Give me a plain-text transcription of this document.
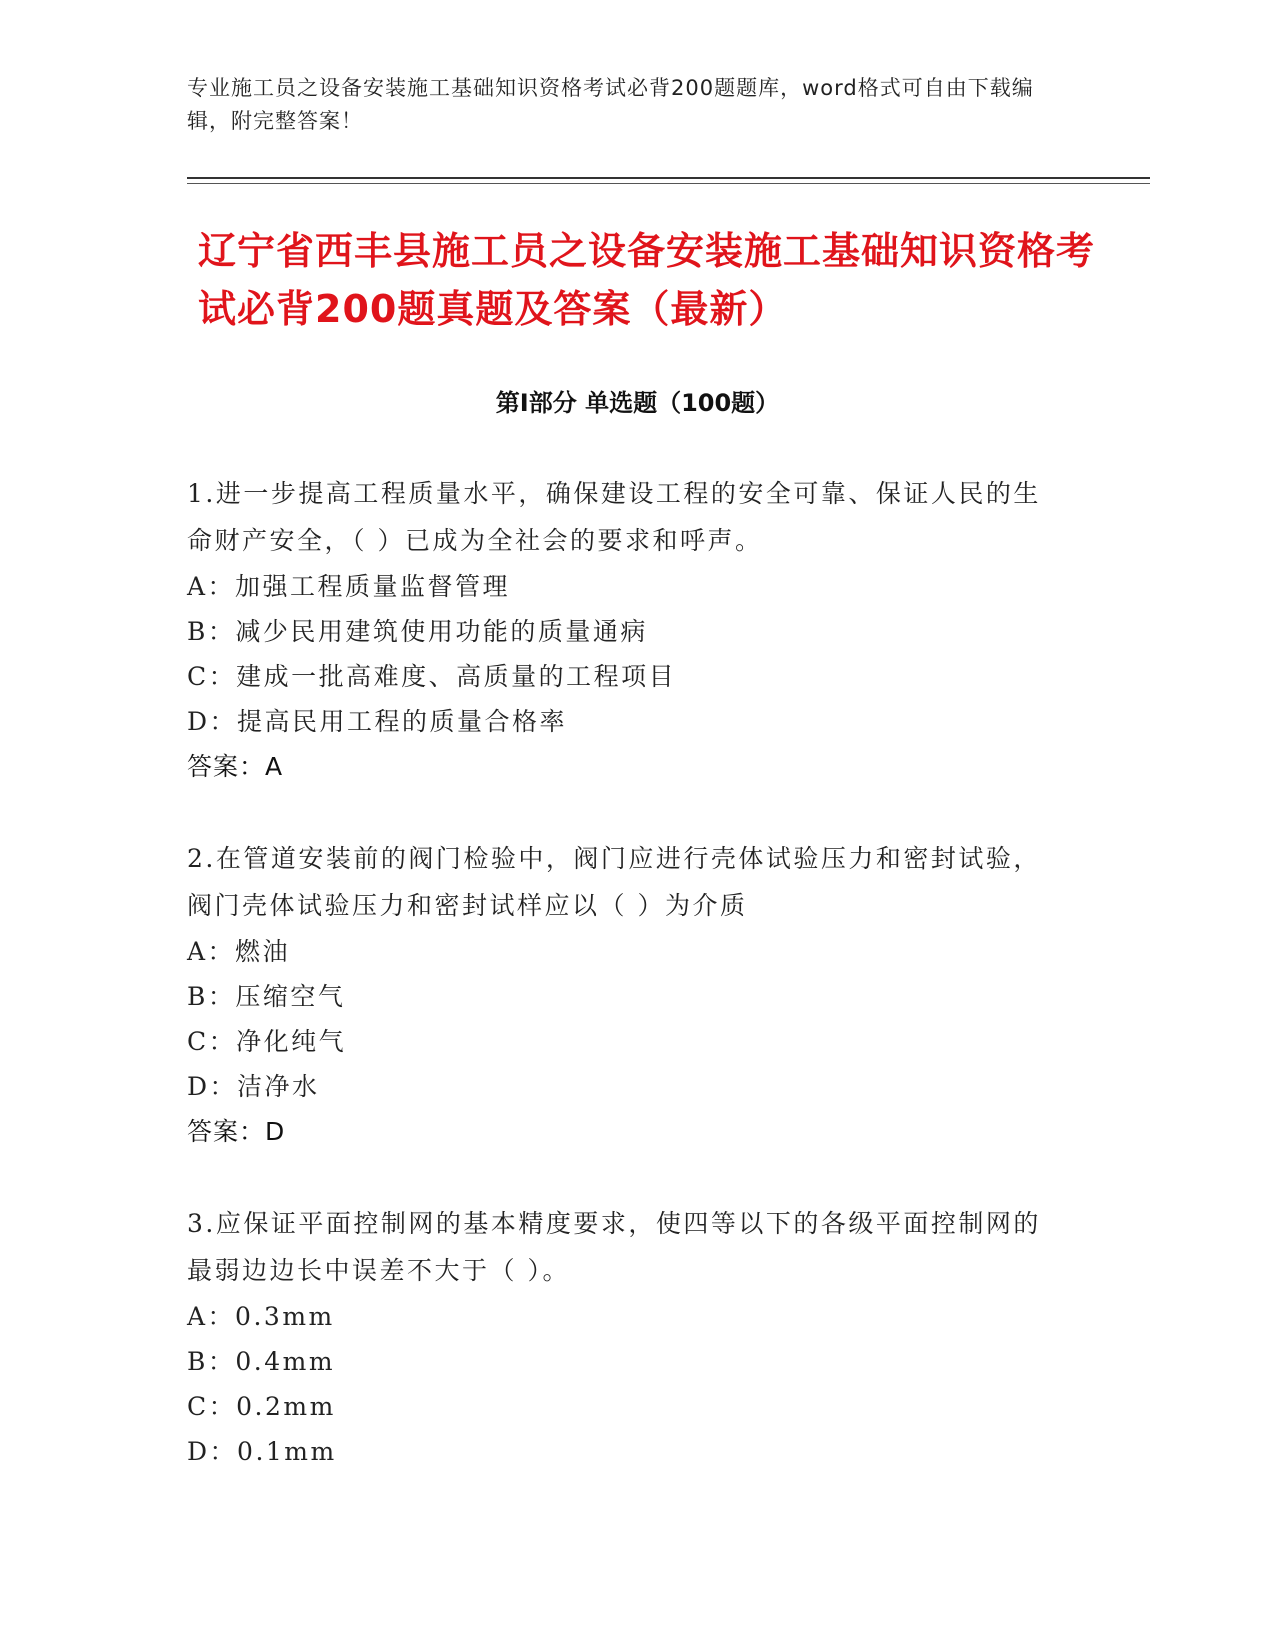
专业施工员之设备安装施工基础知识资格考试必背200题题库，word格式可自由下载编辑，附完整答案！
辽宁省西丰县施工员之设备安装施工基础知识资格考试必背200题真题及答案（最新）
第Ⅰ部分 单选题（100题）
1.进一步提高工程质量水平，确保建设工程的安全可靠、保证人民的生命财产安全，（ ）已成为全社会的要求和呼声。
A：加强工程质量监督管理
B：减少民用建筑使用功能的质量通病
C：建成一批高难度、高质量的工程项目
D：提高民用工程的质量合格率
答案：A
2.在管道安装前的阀门检验中，阀门应进行壳体试验压力和密封试验，阀门壳体试验压力和密封试样应以（ ）为介质
A：燃油
B：压缩空气
C：净化纯气
D：洁净水
答案：D
3.应保证平面控制网的基本精度要求，使四等以下的各级平面控制网的最弱边边长中误差不大于（ ）。
A：0.3mm
B：0.4mm
C：0.2mm
D：0.1mm
